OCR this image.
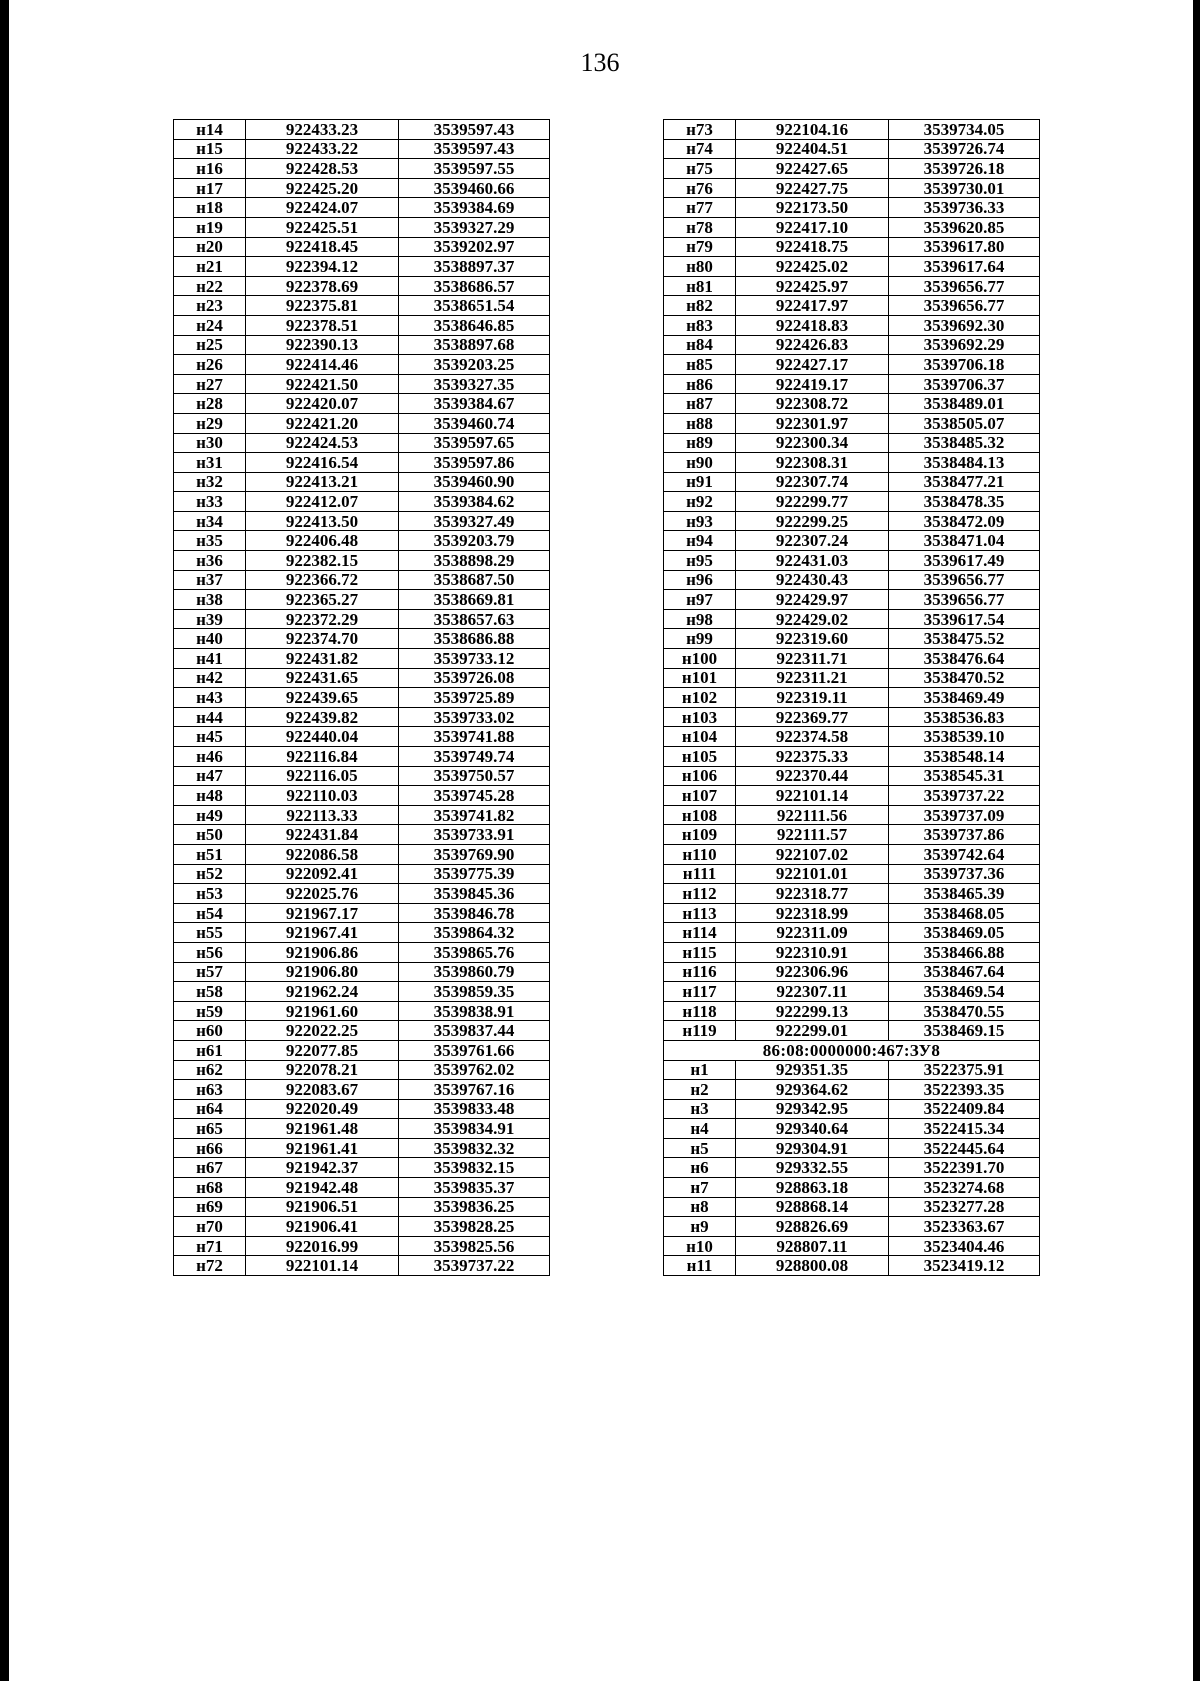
136
н14	922433.23	3539597.43
н15	922433.22	3539597.43
н16	922428.53	3539597.55
н17	922425.20	3539460.66
н18	922424.07	3539384.69
н19	922425.51	3539327.29
н20	922418.45	3539202.97
н21	922394.12	3538897.37
н22	922378.69	3538686.57
н23	922375.81	3538651.54
н24	922378.51	3538646.85
н25	922390.13	3538897.68
н26	922414.46	3539203.25
н27	922421.50	3539327.35
н28	922420.07	3539384.67
н29	922421.20	3539460.74
н30	922424.53	3539597.65
н31	922416.54	3539597.86
н32	922413.21	3539460.90
н33	922412.07	3539384.62
н34	922413.50	3539327.49
н35	922406.48	3539203.79
н36	922382.15	3538898.29
н37	922366.72	3538687.50
н38	922365.27	3538669.81
н39	922372.29	3538657.63
н40	922374.70	3538686.88
н41	922431.82	3539733.12
н42	922431.65	3539726.08
н43	922439.65	3539725.89
н44	922439.82	3539733.02
н45	922440.04	3539741.88
н46	922116.84	3539749.74
н47	922116.05	3539750.57
н48	922110.03	3539745.28
н49	922113.33	3539741.82
н50	922431.84	3539733.91
н51	922086.58	3539769.90
н52	922092.41	3539775.39
н53	922025.76	3539845.36
н54	921967.17	3539846.78
н55	921967.41	3539864.32
н56	921906.86	3539865.76
н57	921906.80	3539860.79
н58	921962.24	3539859.35
н59	921961.60	3539838.91
н60	922022.25	3539837.44
н61	922077.85	3539761.66
н62	922078.21	3539762.02
н63	922083.67	3539767.16
н64	922020.49	3539833.48
н65	921961.48	3539834.91
н66	921961.41	3539832.32
н67	921942.37	3539832.15
н68	921942.48	3539835.37
н69	921906.51	3539836.25
н70	921906.41	3539828.25
н71	922016.99	3539825.56
н72	922101.14	3539737.22
н73	922104.16	3539734.05
н74	922404.51	3539726.74
н75	922427.65	3539726.18
н76	922427.75	3539730.01
н77	922173.50	3539736.33
н78	922417.10	3539620.85
н79	922418.75	3539617.80
н80	922425.02	3539617.64
н81	922425.97	3539656.77
н82	922417.97	3539656.77
н83	922418.83	3539692.30
н84	922426.83	3539692.29
н85	922427.17	3539706.18
н86	922419.17	3539706.37
н87	922308.72	3538489.01
н88	922301.97	3538505.07
н89	922300.34	3538485.32
н90	922308.31	3538484.13
н91	922307.74	3538477.21
н92	922299.77	3538478.35
н93	922299.25	3538472.09
н94	922307.24	3538471.04
н95	922431.03	3539617.49
н96	922430.43	3539656.77
н97	922429.97	3539656.77
н98	922429.02	3539617.54
н99	922319.60	3538475.52
н100	922311.71	3538476.64
н101	922311.21	3538470.52
н102	922319.11	3538469.49
н103	922369.77	3538536.83
н104	922374.58	3538539.10
н105	922375.33	3538548.14
н106	922370.44	3538545.31
н107	922101.14	3539737.22
н108	922111.56	3539737.09
н109	922111.57	3539737.86
н110	922107.02	3539742.64
н111	922101.01	3539737.36
н112	922318.77	3538465.39
н113	922318.99	3538468.05
н114	922311.09	3538469.05
н115	922310.91	3538466.88
н116	922306.96	3538467.64
н117	922307.11	3538469.54
н118	922299.13	3538470.55
н119	922299.01	3538469.15
86:08:0000000:467:ЗУ8		
н1	929351.35	3522375.91
н2	929364.62	3522393.35
н3	929342.95	3522409.84
н4	929340.64	3522415.34
н5	929304.91	3522445.64
н6	929332.55	3522391.70
н7	928863.18	3523274.68
н8	928868.14	3523277.28
н9	928826.69	3523363.67
н10	928807.11	3523404.46
н11	928800.08	3523419.12
